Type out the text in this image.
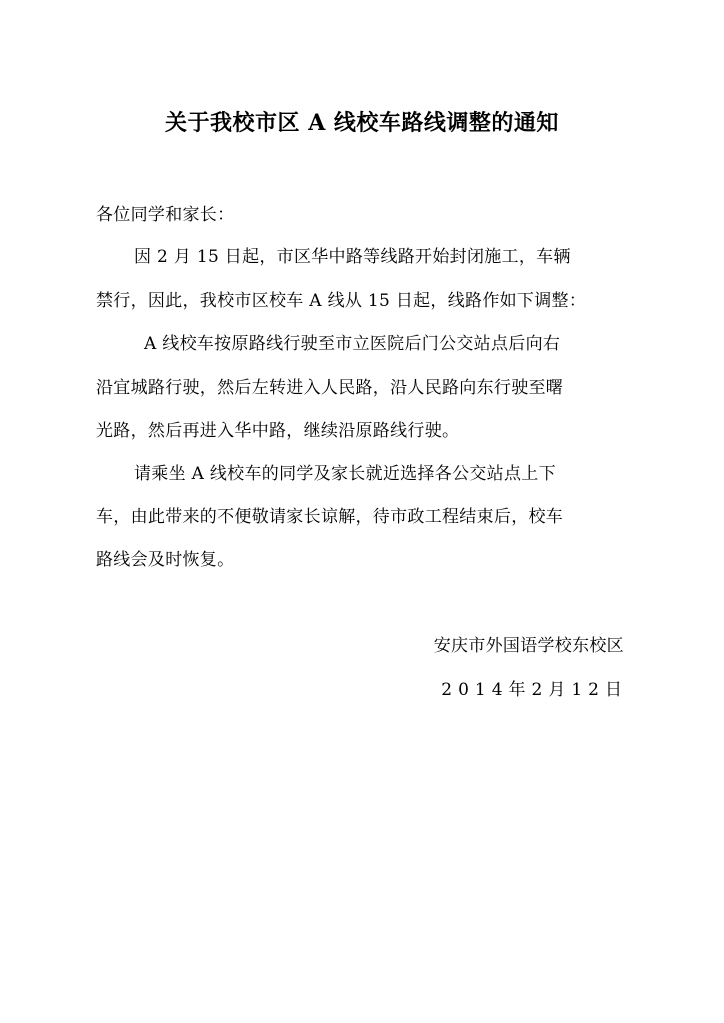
关于我校市区 A 线校车路线调整的通知
各位同学和家长：
因 2 月 15 日起，市区华中路等线路开始封闭施工，车辆
禁行，因此，我校市区校车 A 线从 15 日起，线路作如下调整：
A 线校车按原路线行驶至市立医院后门公交站点后向右
沿宜城路行驶，然后左转进入人民路，沿人民路向东行驶至曙
光路，然后再进入华中路，继续沿原路线行驶。
请乘坐 A 线校车的同学及家长就近选择各公交站点上下
车，由此带来的不便敬请家长谅解，待市政工程结束后，校车
路线会及时恢复。
安庆市外国语学校东校区
2014年2月12日
